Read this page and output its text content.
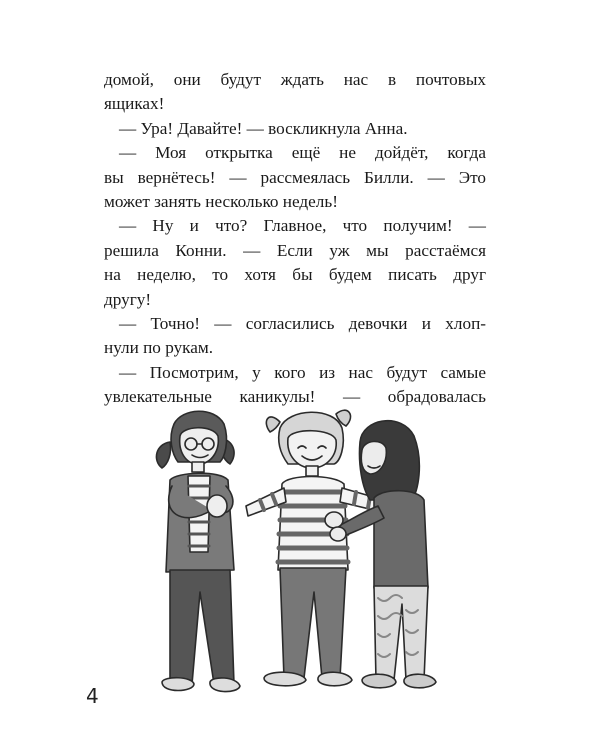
домой, они будут ждать нас в почтовых

ящиках!

— Ура! Давайте! — воскликнула Анна.

— Моя открытка ещё не дойдёт, когда

вы вернётесь! — рассмеялась Билли. — Это

может занять несколько недель!

— Ну и что? Главное, что получим! —

решила Конни. — Если уж мы расстаёмся

на неделю, то хотя бы будем писать друг

другу!

— Точно! — согласились девочки и хлоп-

нули по рукам.

— Посмотрим, у кого из нас будут самые

увлекательные каникулы! — обрадовалась

4
